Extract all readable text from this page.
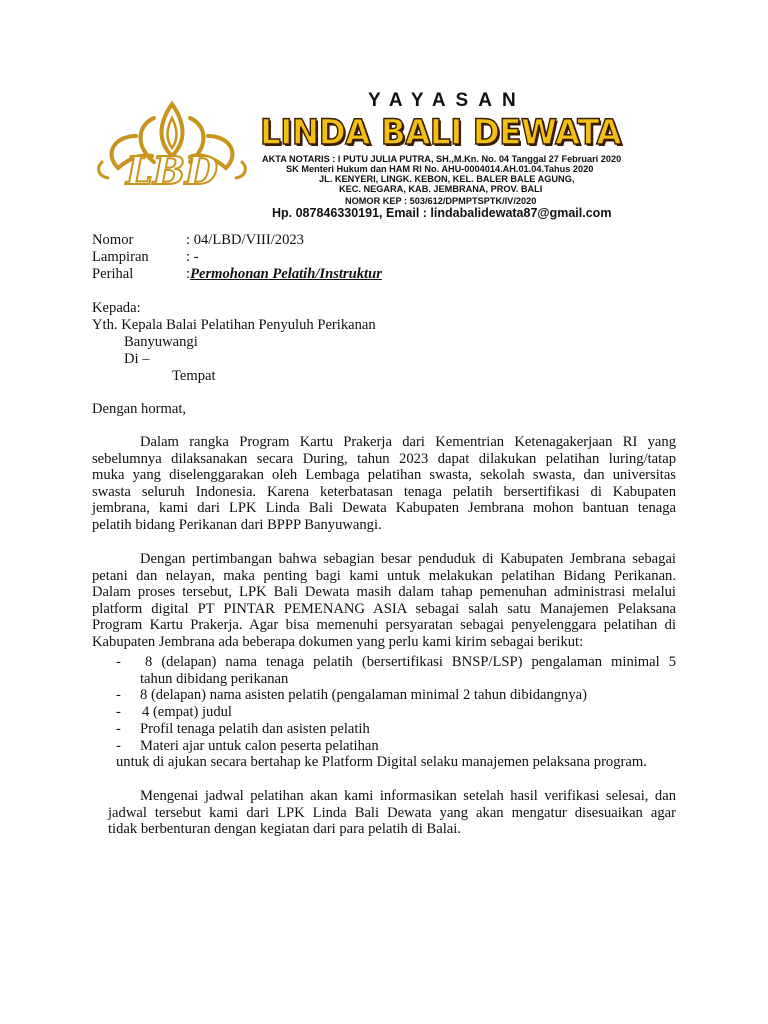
LBD
YAYASAN
LINDA BALI DEWATA
AKTA NOTARIS : I PUTU JULIA PUTRA, SH.,M.Kn. No. 04 Tanggal 27 Februari 2020
SK Menteri Hukum dan HAM RI No. AHU-0004014.AH.01.04.Tahus 2020
JL. KENYERI, LINGK. KEBON, KEL. BALER BALE AGUNG,
KEC. NEGARA, KAB. JEMBRANA, PROV. BALI
NOMOR KEP : 503/612/DPMPTSPTK/IV/2020
Hp. 087846330191, Email : lindabalidewata87@gmail.com
Nomor	: 04/LBD/VIII/2023
Lampiran	: -
Perihal	:Permohonan Pelatih/Instruktur
Kepada:
Yth. Kepala Balai Pelatihan Penyuluh Perikanan
Banyuwangi
Di –
Tempat
Dengan hormat,
Dalam rangka Program Kartu Prakerja dari Kementrian Ketenagakerjaan RI yang
sebelumnya dilaksanakan secara During, tahun 2023 dapat dilakukan pelatihan luring/tatap
muka yang diselenggarakan oleh Lembaga pelatihan swasta, sekolah swasta, dan universitas
swasta seluruh Indonesia. Karena keterbatasan tenaga pelatih bersertifikasi di Kabupaten
jembrana, kami dari LPK Linda Bali Dewata Kabupaten Jembrana mohon bantuan tenaga
pelatih bidang Perikanan dari BPPP Banyuwangi.
Dengan pertimbangan bahwa sebagian besar penduduk di Kabupaten Jembrana sebagai
petani dan nelayan, maka penting bagi kami untuk melakukan pelatihan Bidang Perikanan.
Dalam proses tersebut, LPK Bali Dewata masih dalam tahap pemenuhan administrasi melalui
platform digital PT PINTAR PEMENANG ASIA sebagai salah satu Manajemen Pelaksana
Program Kartu Prakerja. Agar bisa memenuhi persyaratan sebagai penyelenggara pelatihan di
Kabupaten Jembrana ada beberapa dokumen yang perlu kami kirim sebagai berikut:
-	8 (delapan) nama tenaga pelatih (bersertifikasi BNSP/LSP) pengalaman minimal 5
tahun dibidang perikanan
- 8 (delapan) nama asisten pelatih (pengalaman minimal 2 tahun dibidangnya)
- 4 (empat) judul
- Profil tenaga pelatih dan asisten pelatih
- Materi ajar untuk calon peserta pelatihan
untuk di ajukan secara bertahap ke Platform Digital selaku manajemen pelaksana program.
Mengenai jadwal pelatihan akan kami informasikan setelah hasil verifikasi selesai, dan
jadwal tersebut kami dari LPK Linda Bali Dewata yang akan mengatur disesuaikan agar
tidak berbenturan dengan kegiatan dari para pelatih di Balai.
